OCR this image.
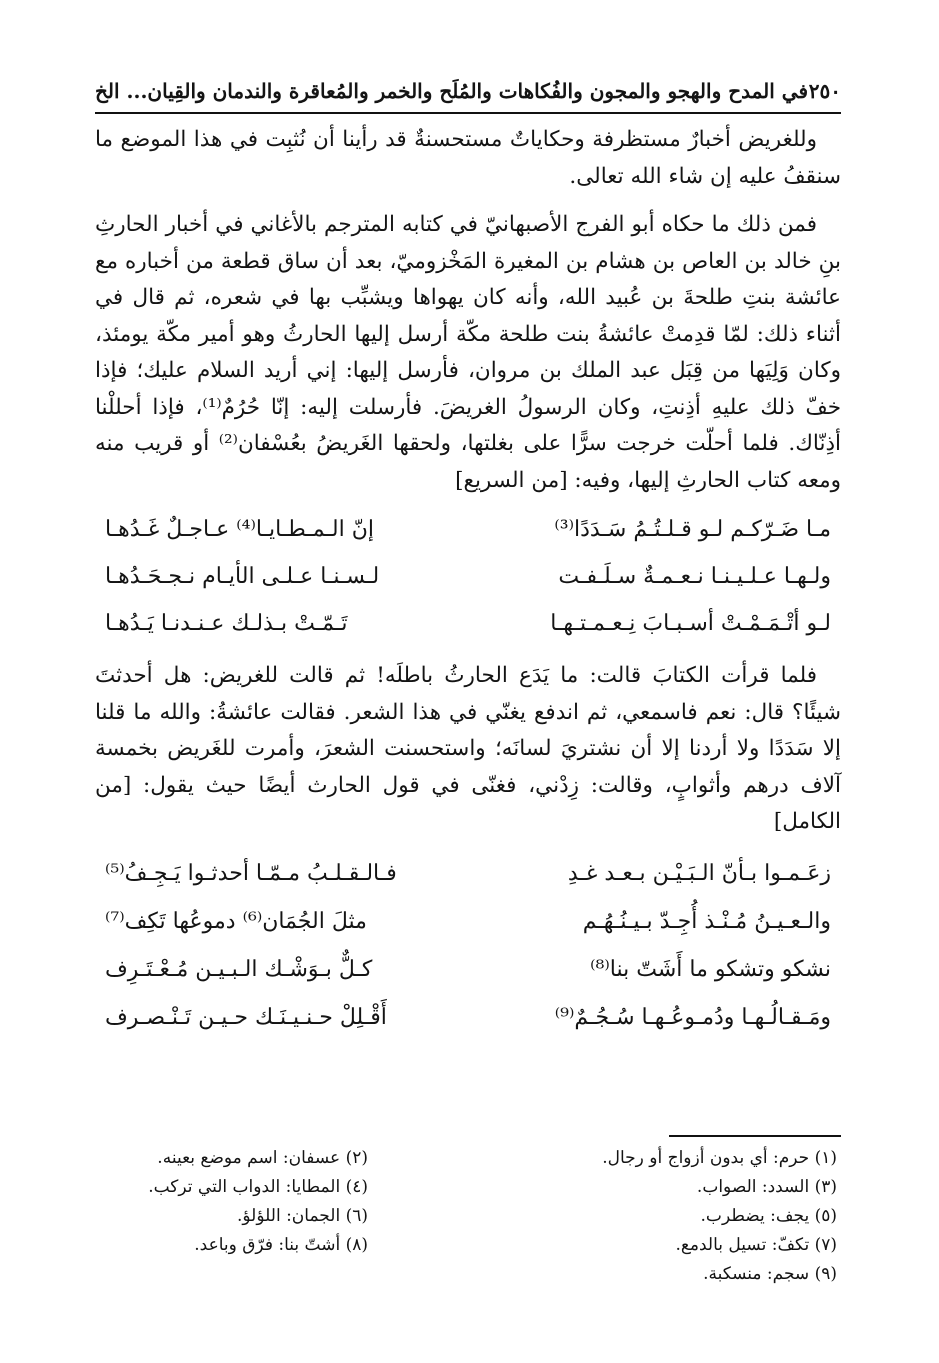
٢٥٠
في المدح والهجو والمجون والفُكاهات والمُلَح والخمر والمُعاقرة والندمان والقِيان... الخ

وللغريض أخبارٌ مستظرفة وحكاياتٌ مستحسنةٌ قد رأينا أن نُثبِت في هذا الموضع ما سنقفُ عليه إن شاء الله تعالى.

فمن ذلك ما حكاه أبو الفرج الأصبهانيّ في كتابه المترجم بالأغاني في أخبار الحارثِ بنِ خالد بن العاص بن هشام بن المغيرة المَخْزوميّ، بعد أن ساق قطعة من أخباره مع عائشة بنتِ طلحةَ بن عُبيد الله، وأنه كان يهواها ويشبِّب بها في شعره، ثم قال في أثناء ذلك: لمّا قدِمتْ عائشةُ بنت طلحة مكّة أرسل إليها الحارثُ وهو أمير مكّة يومئذ، وكان وَلِيَها من قِبَل عبد الملك بن مروان، فأرسل إليها: إني أريد السلام عليك؛ فإذا خفّ ذلك عليهِ أذِنتِ، وكان الرسولُ الغريضَ. فأرسلت إليه: إنّا حُرُمٌ⁽¹⁾، فإذا أحللْنا أذِنّاك. فلما أحلّت خرجت سرًّا على بغلتها، ولحقها الغَريضُ بعُسْفان⁽²⁾ أو قريب منه ومعه كتاب الحارثِ إليها، وفيه: [من السريع]

مـا ضَـرّكـم لـو قـلـتُـمُ سَـدَدًا⁽³⁾
إنّ الـمـطـايـا⁽⁴⁾ عـاجـلٌ غَـدُهـا
ولـهـا عـلـيـنـا نـعـمـةٌ سـلَـفـت
لـسـنـا عـلـى الأيـام نـجـحَـدُهـا
لـو أتْـمَـمْـتْ أسـبـابَ نِـعـمـتـهـا
تَـمّـتْ بـذلـك عـنـدنـا يَـدُهـا

فلما قرأت الكتابَ قالت: ما يَدَع الحارثُ باطلَه! ثم قالت للغريض: هل أحدثتَ شيئًا؟ قال: نعم فاسمعي، ثم اندفع يغنّي في هذا الشعر. فقالت عائشةُ: والله ما قلنا إلا سَدَدًا ولا أردنا إلا أن نشتريَ لسانَه؛ واستحسنت الشعرَ، وأمرت للغَريض بخمسة آلاف درهم وأثوابٍ، وقالت: زِدْني، فغنّى في قول الحارث أيضًا حيث يقول: [من الكامل]

زعَـمـوا بـأنّ الـبَـيْـن بـعـد غـدِ
فـالـقـلـبُ مـمّـا أحدثـوا يَـجِـفُ⁽⁵⁾
والـعـيـنُ مُـنْـذ أُجِـدّ بـيـنُـهُـم
مثلَ الجُمَان⁽⁶⁾ دموعُها تَكِف⁽⁷⁾
نشكو وتشكو ما أَشَتّ بنا⁽⁸⁾
كـلٌّ بـوَشْـك الـبـيـن مُـعْـتَـرِف
ومَـقـالُـهـا ودُمـوعُـهـا سُـجُـمٌ⁽⁹⁾
أَقْـلِلْ حـنـيـنَـك حـيـن تَـنْـصـرف
(١) حرم: أي بدون أزواج أو رجال.
(٢) عسفان: اسم موضع بعينه.
(٣) السدد: الصواب.
(٤) المطايا: الدواب التي تركب.
(٥) يجف: يضطرب.
(٦) الجمان: اللؤلؤ.
(٧) تكفّ: تسيل بالدمع.
(٨) أشتّ بنا: فرّق وباعد.
(٩) سجم: منسكبة.
